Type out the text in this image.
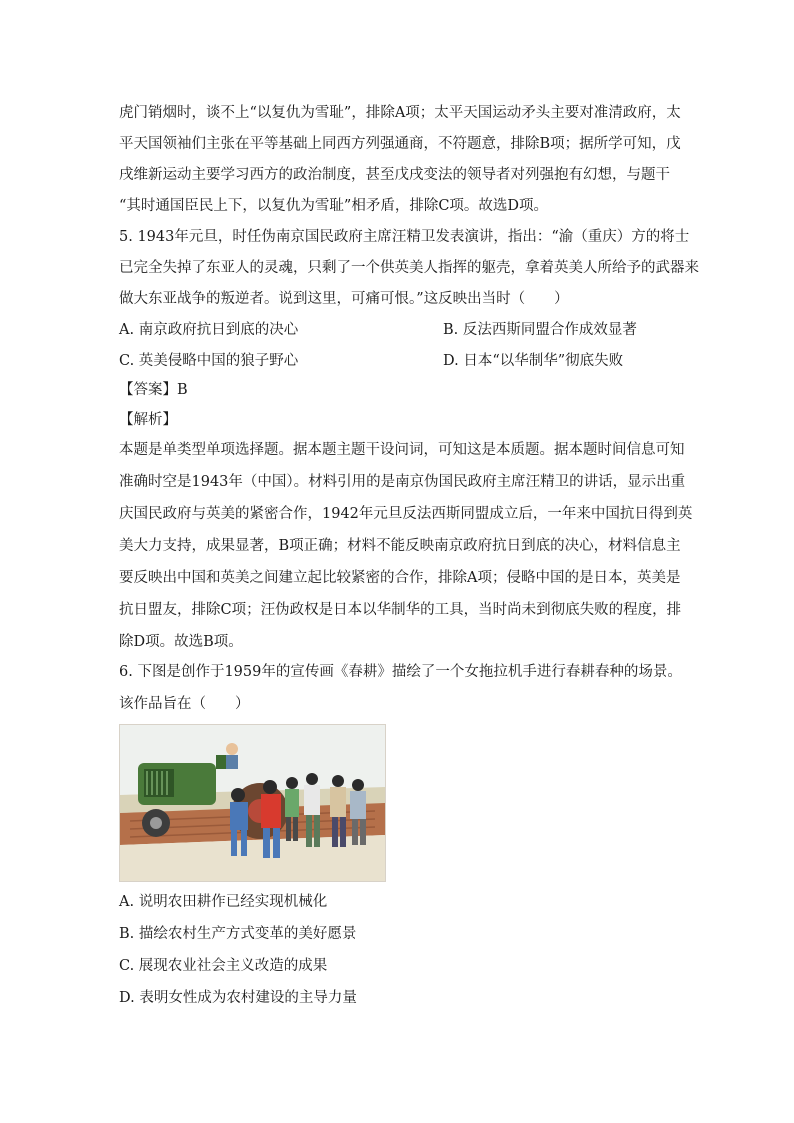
虎门销烟时，谈不上“以复仇为雪耻”，排除A项；太平天国运动矛头主要对准清政府，太
平天国领袖们主张在平等基础上同西方列强通商，不符题意，排除B项；据所学可知，戊
戌维新运动主要学习西方的政治制度，甚至戊戌变法的领导者对列强抱有幻想，与题干
“其时通国臣民上下，以复仇为雪耻”相矛盾，排除C项。故选D项。
5. 1943年元旦，时任伪南京国民政府主席汪精卫发表演讲，指出：“渝（重庆）方的将士
已完全失掉了东亚人的灵魂，只剩了一个供英美人指挥的躯壳，拿着英美人所给予的武器来
做大东亚战争的叛逆者。说到这里，可痛可恨。”这反映出当时（　　）
A. 南京政府抗日到底的决心	B. 反法西斯同盟合作成效显著
C. 英美侵略中国的狼子野心	D. 日本“以华制华”彻底失败
【答案】B
【解析】
本题是单类型单项选择题。据本题主题干设问词，可知这是本质题。据本题时间信息可知
准确时空是1943年（中国）。材料引用的是南京伪国民政府主席汪精卫的讲话，显示出重
庆国民政府与英美的紧密合作，1942年元旦反法西斯同盟成立后，一年来中国抗日得到英
美大力支持，成果显著，B项正确；材料不能反映南京政府抗日到底的决心，材料信息主
要反映出中国和英美之间建立起比较紧密的合作，排除A项；侵略中国的是日本，英美是
抗日盟友，排除C项；汪伪政权是日本以华制华的工具，当时尚未到彻底失败的程度，排
除D项。故选B项。
A. 说明农田耕作已经实现机械化
B. 描绘农村生产方式变革的美好愿景
C. 展现农业社会主义改造的成果
D. 表明女性成为农村建设的主导力量
6. 下图是创作于1959年的宣传画《春耕》描绘了一个女拖拉机手进行春耕春种的场景。
该作品旨在（　　）
